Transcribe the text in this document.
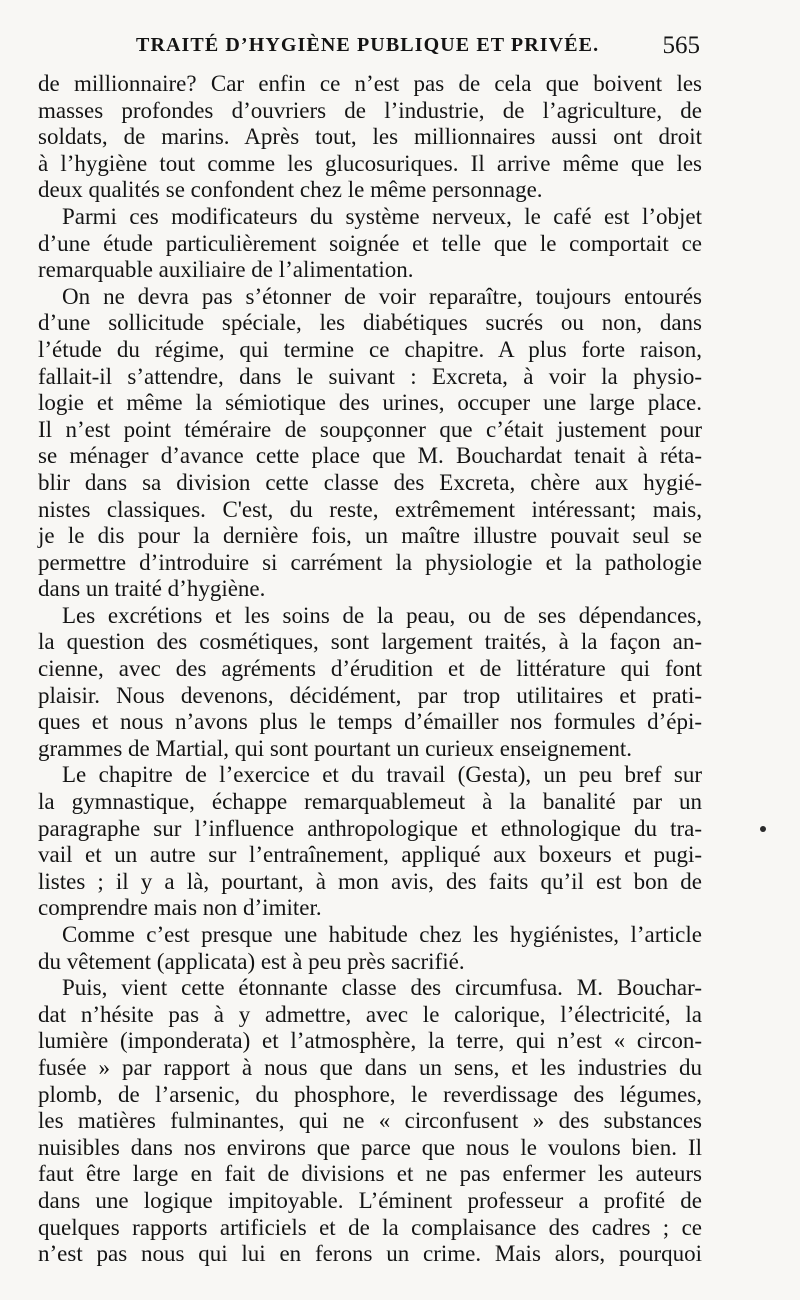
TRAITÉ D’HYGIÈNE PUBLIQUE ET PRIVÉE.	565

de millionnaire? Car enfin ce n’est pas de cela que boivent les
masses profondes d’ouvriers de l’industrie, de l’agriculture, de
soldats, de marins. Après tout, les millionnaires aussi ont droit
à l’hygiène tout comme les glucosuriques. Il arrive même que les
deux qualités se confondent chez le même personnage.

Parmi ces modificateurs du système nerveux, le café est l’objet
d’une étude particulièrement soignée et telle que le comportait ce
remarquable auxiliaire de l’alimentation.

On ne devra pas s’étonner de voir reparaître, toujours entourés
d’une sollicitude spéciale, les diabétiques sucrés ou non, dans
l’étude du régime, qui termine ce chapitre. A plus forte raison,
fallait-il s’attendre, dans le suivant : Excreta, à voir la physio-
logie et même la sémiotique des urines, occuper une large place.
Il n’est point téméraire de soupçonner que c’était justement pour
se ménager d’avance cette place que M. Bouchardat tenait à réta-
blir dans sa division cette classe des Excreta, chère aux hygié-
nistes classiques. C'est, du reste, extrêmement intéressant; mais,
je le dis pour la dernière fois, un maître illustre pouvait seul se
permettre d’introduire si carrément la physiologie et la pathologie
dans un traité d’hygiène.

Les excrétions et les soins de la peau, ou de ses dépendances,
la question des cosmétiques, sont largement traités, à la façon an-
cienne, avec des agréments d’érudition et de littérature qui font
plaisir. Nous devenons, décidément, par trop utilitaires et prati-
ques et nous n’avons plus le temps d’émailler nos formules d’épi-
grammes de Martial, qui sont pourtant un curieux enseignement.

Le chapitre de l’exercice et du travail (Gesta), un peu bref sur
la gymnastique, échappe remarquablemeut à la banalité par un
paragraphe sur l’influence anthropologique et ethnologique du tra-
vail et un autre sur l’entraînement, appliqué aux boxeurs et pugi-
listes ; il y a là, pourtant, à mon avis, des faits qu’il est bon de
comprendre mais non d’imiter.

Comme c’est presque une habitude chez les hygiénistes, l’article
du vêtement (applicata) est à peu près sacrifié.

Puis, vient cette étonnante classe des circumfusa. M. Bouchar-
dat n’hésite pas à y admettre, avec le calorique, l’électricité, la
lumière (imponderata) et l’atmosphère, la terre, qui n’est « circon-
fusée » par rapport à nous que dans un sens, et les industries du
plomb, de l’arsenic, du phosphore, le reverdissage des légumes,
les matières fulminantes, qui ne « circonfusent » des substances
nuisibles dans nos environs que parce que nous le voulons bien. Il
faut être large en fait de divisions et ne pas enfermer les auteurs
dans une logique impitoyable. L’éminent professeur a profité de
quelques rapports artificiels et de la complaisance des cadres ; ce
n’est pas nous qui lui en ferons un crime. Mais alors, pourquoi
